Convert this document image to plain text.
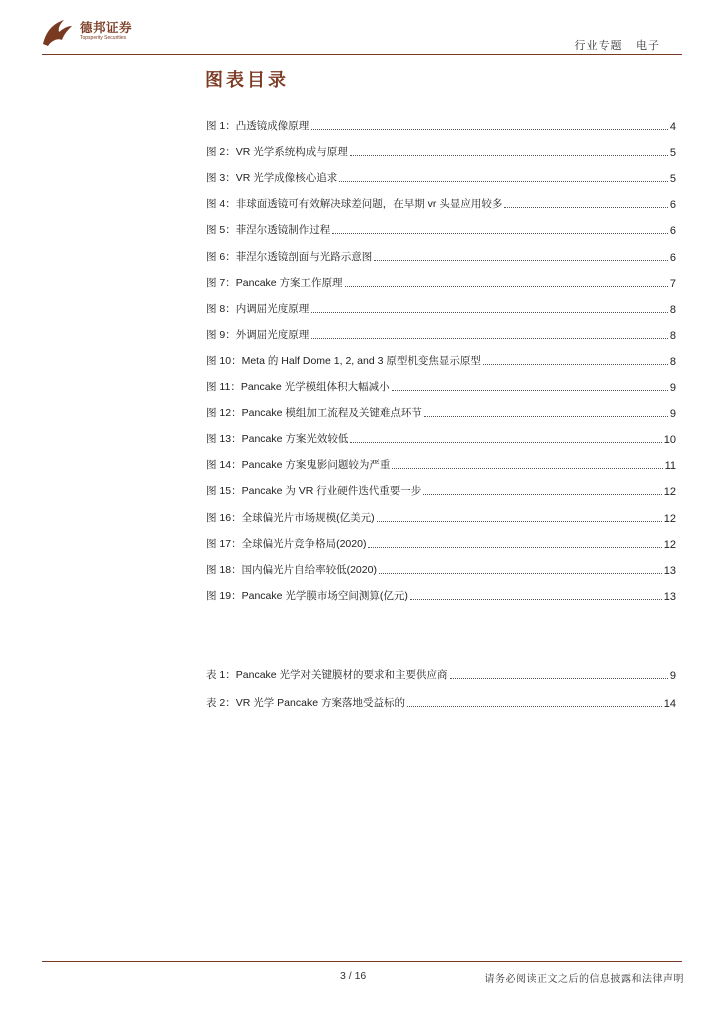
德邦证券
Topsperity Securities
行业专题 电子
图表目录
图 1：凸透镜成像原理	4
图 2：VR 光学系统构成与原理	5
图 3：VR 光学成像核心追求	5
图 4：非球面透镜可有效解决球差问题，在早期 vr 头显应用较多	6
图 5：菲涅尔透镜制作过程	6
图 6：菲涅尔透镜剖面与光路示意图	6
图 7：Pancake 方案工作原理	7
图 8：内调屈光度原理	8
图 9：外调屈光度原理	8
图 10：Meta 的 Half Dome 1, 2, and 3 原型机变焦显示原型	8
图 11：Pancake 光学模组体积大幅减小	9
图 12：Pancake 模组加工流程及关键难点环节	9
图 13：Pancake 方案光效较低	10
图 14：Pancake 方案鬼影问题较为严重	11
图 15：Pancake 为 VR 行业硬件迭代重要一步	12
图 16：全球偏光片市场规模(亿美元)	12
图 17：全球偏光片竞争格局(2020)	12
图 18：国内偏光片自给率较低(2020)	13
图 19：Pancake 光学膜市场空间测算(亿元)	13
表 1：Pancake 光学对关键膜材的要求和主要供应商	9
表 2：VR 光学 Pancake 方案落地受益标的	14
3 / 16	请务必阅读正文之后的信息披露和法律声明
